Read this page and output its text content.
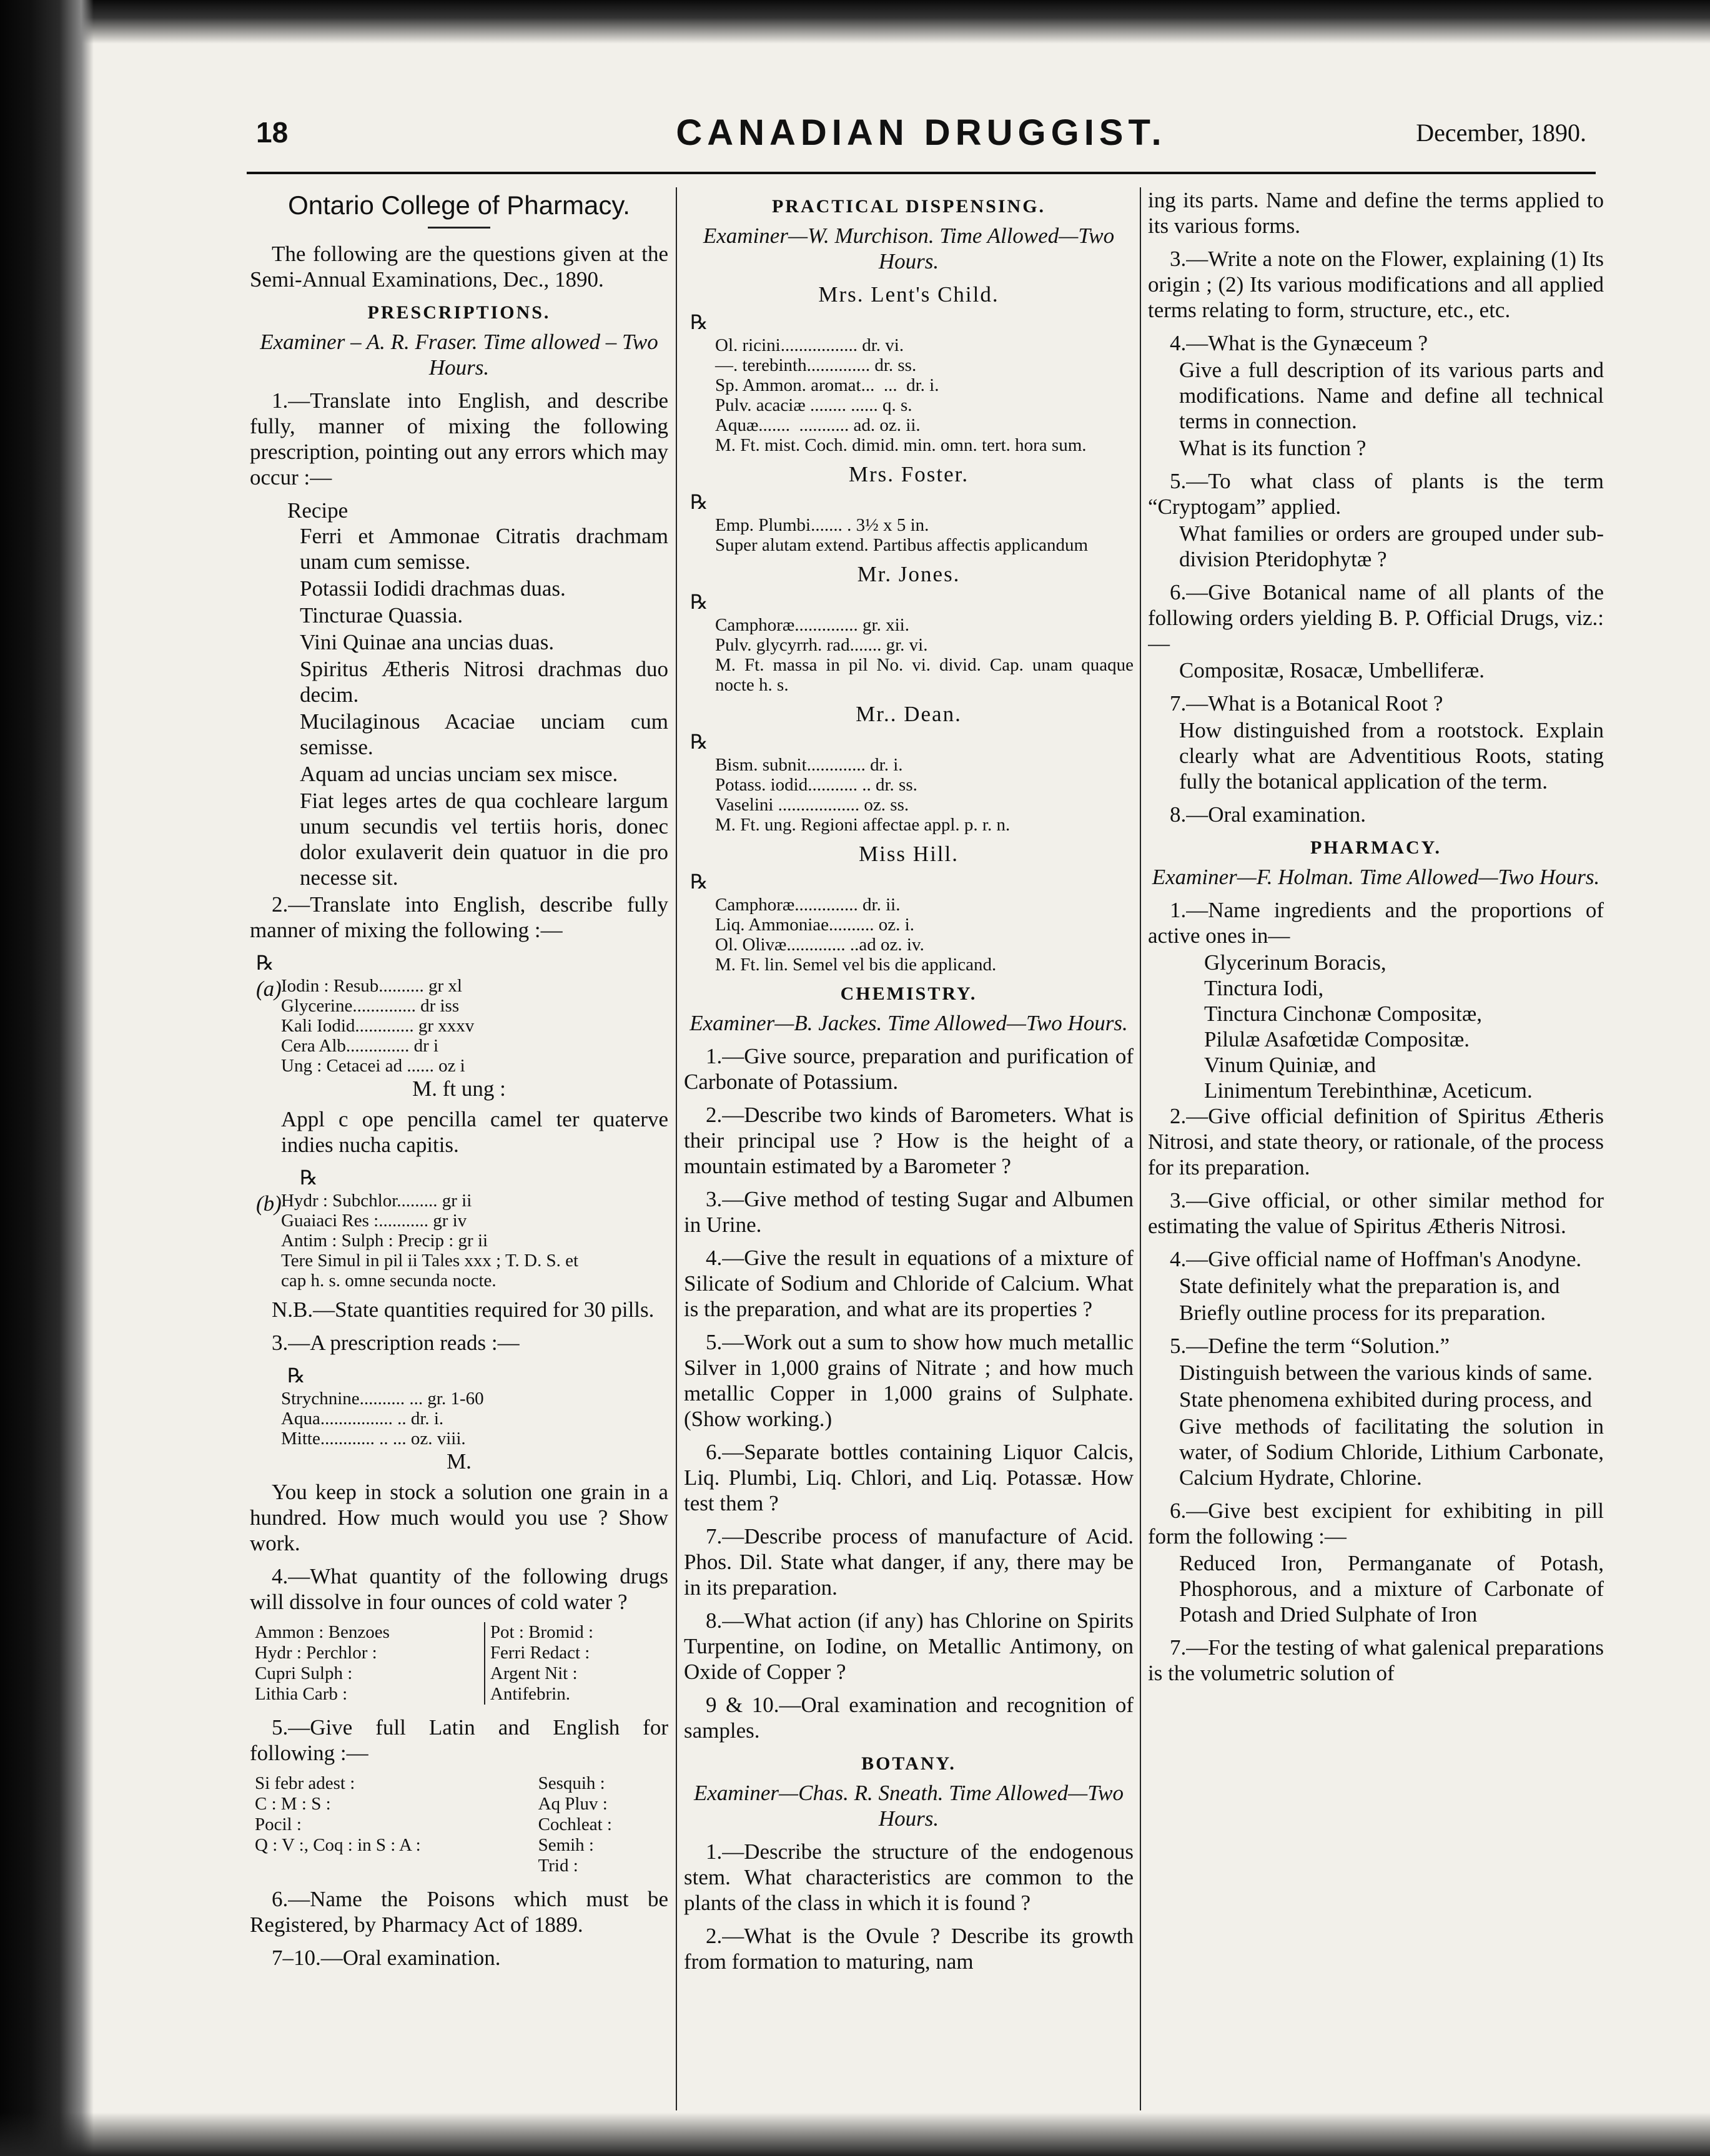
18	CANADIAN DRUGGIST.	December, 1890.
Ontario College of Pharmacy.

The following are the questions given at the Semi-Annual Examinations, Dec., 1890.

PRESCRIPTIONS.
Examiner – A. R. Fraser. Time allowed – Two Hours.

1.—Translate into English, and describe fully, manner of mixing the following prescription, pointing out any errors which may occur :—

Recipe

Ferri et Ammonae Citratis drachmam unam cum semisse.

Potassii Iodidi drachmas duas.

Tincturae Quassia.

Vini Quinae ana uncias duas.

Spiritus Ætheris Nitrosi drachmas duo decim.

Mucilaginous Acaciae unciam cum semisse.

Aquam ad uncias unciam sex misce.

Fiat leges artes de qua cochleare largum unum secundis vel tertiis horis, donec dolor exulaverit dein quatuor in die pro necesse sit.

2.—Translate into English, describe fully manner of mixing the following :—

℞
(a) Iodin : Resub.......... gr xl
Glycerine.............. dr iss
Kali Iodid............. gr xxxv
Cera Alb.............. dr i
Ung : Cetacei ad ...... oz i
M. ft ung :

Appl c ope pencilla camel ter quaterve indies nucha capitis.

℞
(b) Hydr : Subchlor......... gr ii
Guaiaci Res :........... gr iv
Antim : Sulph : Precip : gr ii
Tere Simul in pil ii Tales xxx ; T. D. S. et
cap h. s. omne secunda nocte.

N.B.—State quantities required for 30 pills.

3.—A prescription reads :—

℞
Strychnine.......... ... gr. 1-60
Aqua................ .. dr. i.
Mitte............ .. ... oz. viii.
M.

You keep in stock a solution one grain in a hundred. How much would you use ? Show work.

4.—What quantity of the following drugs will dissolve in four ounces of cold water ?

Ammon : Benzoes	Pot : Bromid :
Hydr : Perchlor :	Ferri Redact :
Cupri Sulph :	Argent Nit :
Lithia Carb :	Antifebrin.

5.—Give full Latin and English for following :—

Si febr adest :	Sesquih :
C : M : S :	Aq Pluv :
Pocil :	Cochleat :
Q : V :, Coq : in S : A :	Semih :
	Trid :

6.—Name the Poisons which must be Registered, by Pharmacy Act of 1889.

7–10.—Oral examination.

PRACTICAL DISPENSING.
Examiner—W. Murchison. Time Allowed—Two Hours.
Mrs. Lent's Child.
℞
Ol. ricini................. dr. vi.
—. terebinth.............. dr. ss.
Sp. Ammon. aromat...  ...  dr. i.
Pulv. acaciæ ........ ...... q. s.
Aquæ.......  ........... ad. oz. ii.

M. Ft. mist. Coch. dimid. min. omn. tert. hora sum.

Mrs. Foster.
℞
Emp. Plumbi....... . 3½ x 5 in.

Super alutam extend. Partibus affectis applicandum

Mr. Jones.
℞
Camphoræ.............. gr. xii.
Pulv. glycyrrh. rad....... gr. vi.

M. Ft. massa in pil No. vi. divid. Cap. unam quaque nocte h. s.

Mr.. Dean.
℞
Bism. subnit............. dr. i.
Potass. iodid........... .. dr. ss.
Vaselini .................. oz. ss.

M. Ft. ung. Regioni affectae appl. p. r. n.

Miss Hill.
℞
Camphoræ.............. dr. ii.
Liq. Ammoniae.......... oz. i.
Ol. Olivæ............. ..ad oz. iv.

M. Ft. lin. Semel vel bis die applicand.

CHEMISTRY.
Examiner—B. Jackes. Time Allowed—Two Hours.

1.—Give source, preparation and purification of Carbonate of Potassium.

2.—Describe two kinds of Barometers. What is their principal use ? How is the height of a mountain estimated by a Barometer ?

3.—Give method of testing Sugar and Albumen in Urine.

4.—Give the result in equations of a mixture of Silicate of Sodium and Chloride of Calcium. What is the preparation, and what are its properties ?

5.—Work out a sum to show how much metallic Silver in 1,000 grains of Nitrate ; and how much metallic Copper in 1,000 grains of Sulphate. (Show working.)

6.—Separate bottles containing Liquor Calcis, Liq. Plumbi, Liq. Chlori, and Liq. Potassæ. How test them ?

7.—Describe process of manufacture of Acid. Phos. Dil. State what danger, if any, there may be in its preparation.

8.—What action (if any) has Chlorine on Spirits Turpentine, on Iodine, on Metallic Antimony, on Oxide of Copper ?

9 & 10.—Oral examination and recognition of samples.

BOTANY.
Examiner—Chas. R. Sneath. Time Allowed—Two Hours.

1.—Describe the structure of the endogenous stem. What characteristics are common to the plants of the class in which it is found ?

2.—What is the Ovule ? Describe its growth from formation to maturing, nam

ing its parts. Name and define the terms applied to its various forms.

3.—Write a note on the Flower, explaining (1) Its origin ; (2) Its various modifications and all applied terms relating to form, structure, etc., etc.

4.—What is the Gynæceum ?

Give a full description of its various parts and modifications. Name and define all technical terms in connection.

What is its function ?

5.—To what class of plants is the term “Cryptogam” applied.

What families or orders are grouped under sub-division Pteridophytæ ?

6.—Give Botanical name of all plants of the following orders yielding B. P. Official Drugs, viz.:—

Compositæ, Rosacæ, Umbelliferæ.

7.—What is a Botanical Root ?

How distinguished from a rootstock. Explain clearly what are Adventitious Roots, stating fully the botanical application of the term.

8.—Oral examination.

PHARMACY.
Examiner—F. Holman. Time Allowed—Two Hours.

1.—Name ingredients and the proportions of active ones in—

Glycerinum Boracis,
Tinctura Iodi,
Tinctura Cinchonæ Compositæ,
Pilulæ Asafœtidæ Compositæ.
Vinum Quiniæ, and
Linimentum Terebinthinæ, Aceticum.

2.—Give official definition of Spiritus Ætheris Nitrosi, and state theory, or rationale, of the process for its preparation.

3.—Give official, or other similar method for estimating the value of Spiritus Ætheris Nitrosi.

4.—Give official name of Hoffman's Anodyne.

State definitely what the preparation is, and

Briefly outline process for its preparation.

5.—Define the term “Solution.”

Distinguish between the various kinds of same.

State phenomena exhibited during process, and

Give methods of facilitating the solution in water, of Sodium Chloride, Lithium Carbonate, Calcium Hydrate, Chlorine.

6.—Give best excipient for exhibiting in pill form the following :—

Reduced Iron, Permanganate of Potash, Phosphorous, and a mixture of Carbonate of Potash and Dried Sulphate of Iron

7.—For the testing of what galenical preparations is the volumetric solution of
